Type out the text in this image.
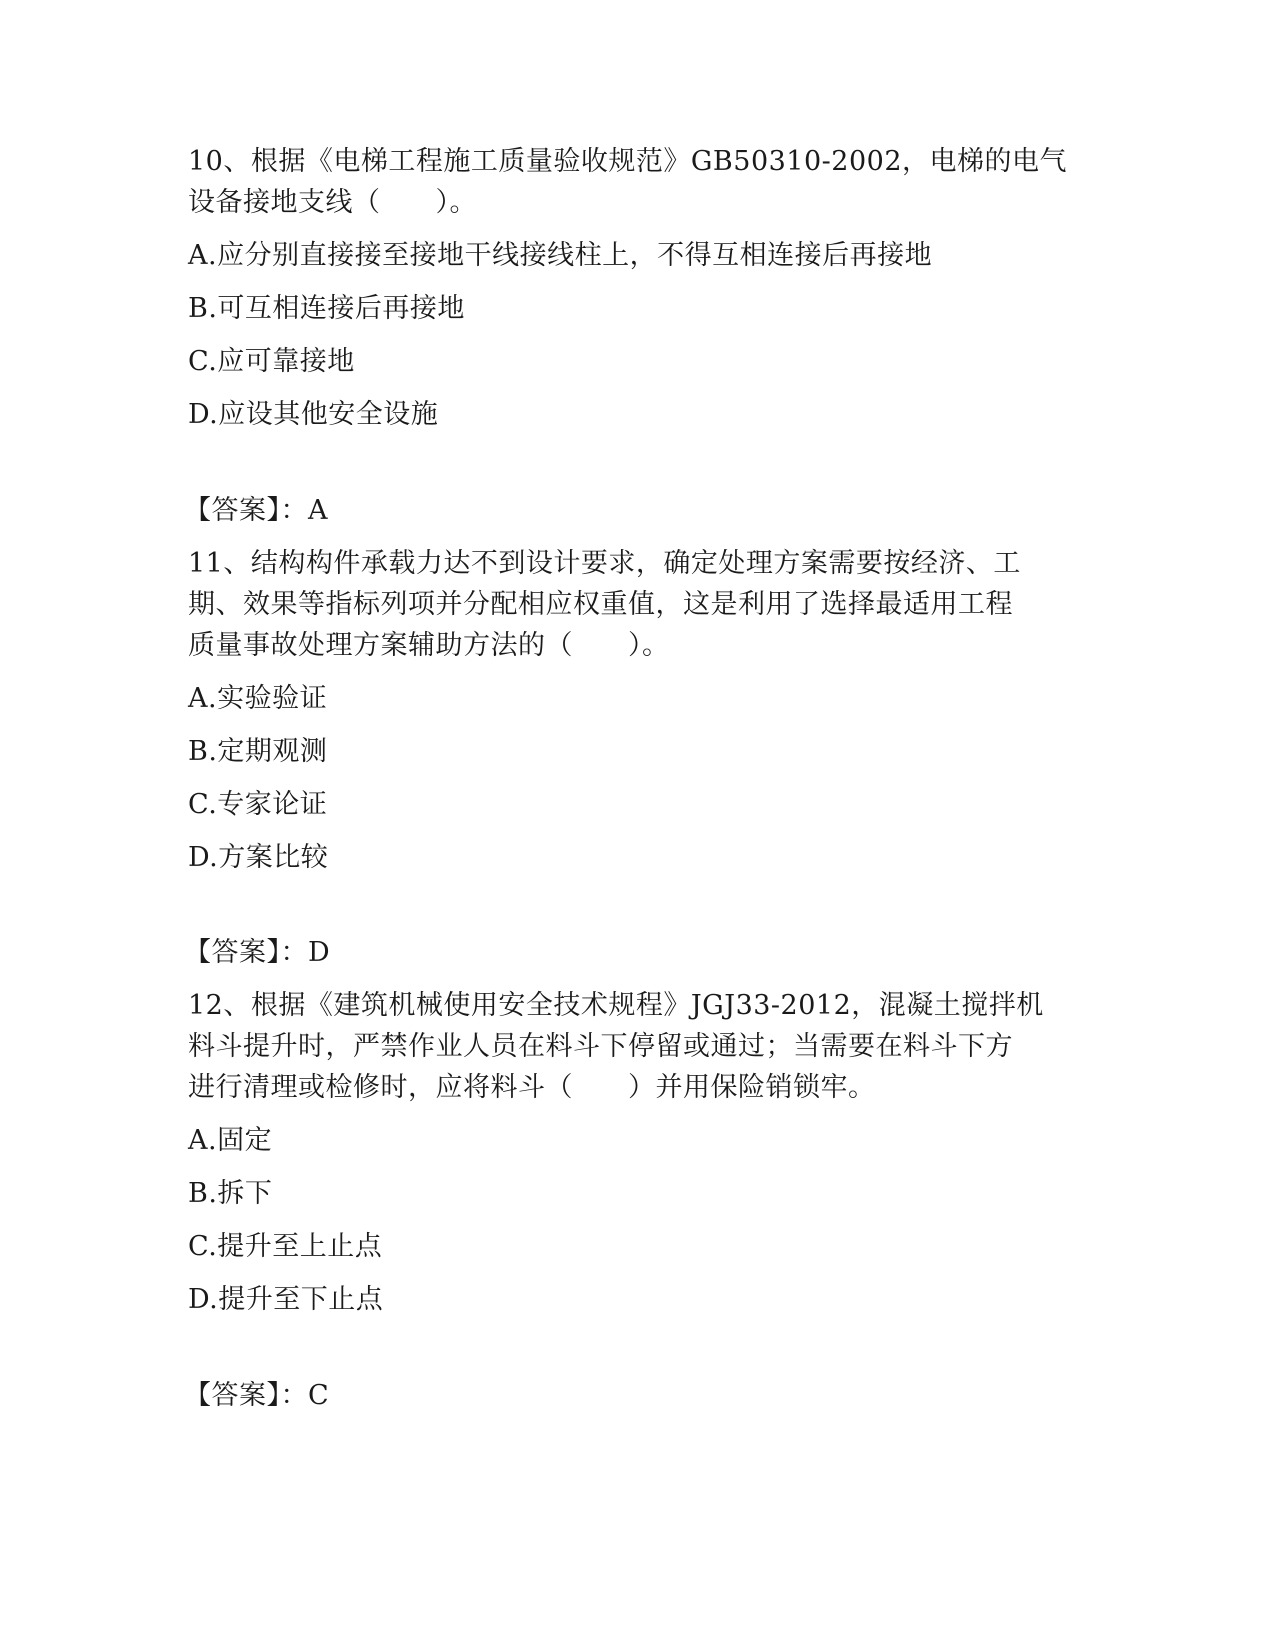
10、根据《电梯工程施工质量验收规范》GB50310-2002，电梯的电气
设备接地支线（　　）。
A.应分别直接接至接地干线接线柱上，不得互相连接后再接地
B.可互相连接后再接地
C.应可靠接地
D.应设其他安全设施
【答案】：A
11、结构构件承载力达不到设计要求，确定处理方案需要按经济、工
期、效果等指标列项并分配相应权重值，这是利用了选择最适用工程
质量事故处理方案辅助方法的（　　）。
A.实验验证
B.定期观测
C.专家论证
D.方案比较
【答案】：D
12、根据《建筑机械使用安全技术规程》JGJ33-2012，混凝土搅拌机
料斗提升时，严禁作业人员在料斗下停留或通过；当需要在料斗下方
进行清理或检修时，应将料斗（　　）并用保险销锁牢。
A.固定
B.拆下
C.提升至上止点
D.提升至下止点
【答案】：C
